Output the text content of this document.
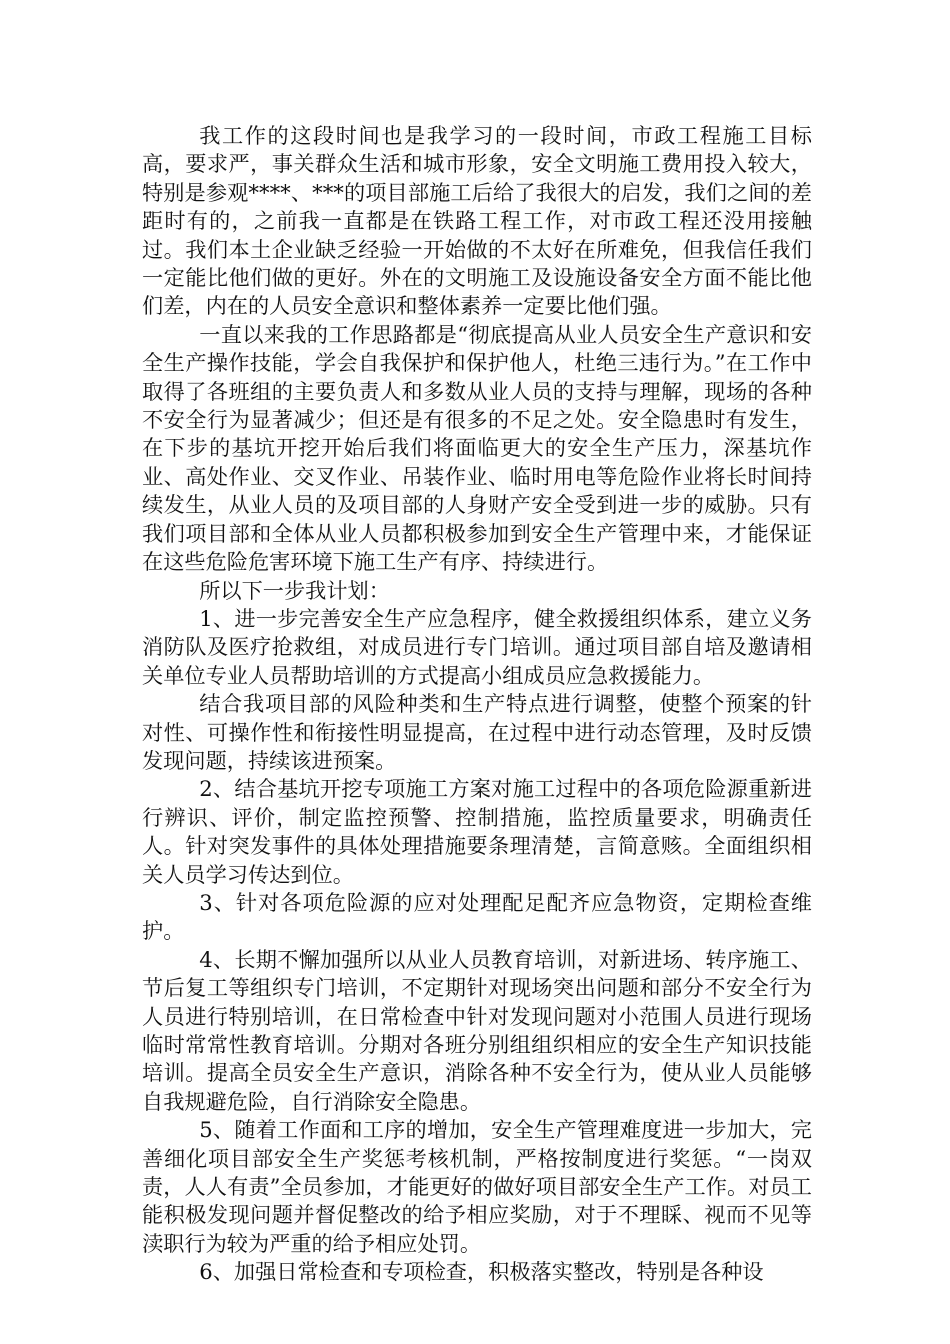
我工作的这段时间也是我学习的一段时间，市政工程施工目标高，要求严，事关群众生活和城市形象，安全文明施工费用投入较大，特别是参观****、***的项目部施工后给了我很大的启发，我们之间的差距时有的，之前我一直都是在铁路工程工作，对市政工程还没用接触过。我们本土企业缺乏经验一开始做的不太好在所难免，但我信任我们一定能比他们做的更好。外在的文明施工及设施设备安全方面不能比他们差，内在的人员安全意识和整体素养一定要比他们强。

一直以来我的工作思路都是“彻底提高从业人员安全生产意识和安全生产操作技能，学会自我保护和保护他人，杜绝三违行为。”在工作中取得了各班组的主要负责人和多数从业人员的支持与理解，现场的各种不安全行为显著减少；但还是有很多的不足之处。安全隐患时有发生，在下步的基坑开挖开始后我们将面临更大的安全生产压力，深基坑作业、高处作业、交叉作业、吊装作业、临时用电等危险作业将长时间持续发生，从业人员的及项目部的人身财产安全受到进一步的威胁。只有我们项目部和全体从业人员都积极参加到安全生产管理中来，才能保证在这些危险危害环境下施工生产有序、持续进行。

所以下一步我计划：

1、进一步完善安全生产应急程序，健全救援组织体系，建立义务消防队及医疗抢救组，对成员进行专门培训。通过项目部自培及邀请相关单位专业人员帮助培训的方式提高小组成员应急救援能力。

结合我项目部的风险种类和生产特点进行调整，使整个预案的针对性、可操作性和衔接性明显提高，在过程中进行动态管理，及时反馈发现问题，持续该进预案。

2、结合基坑开挖专项施工方案对施工过程中的各项危险源重新进行辨识、评价，制定监控预警、控制措施，监控质量要求，明确责任人。针对突发事件的具体处理措施要条理清楚，言简意赅。全面组织相关人员学习传达到位。

3、针对各项危险源的应对处理配足配齐应急物资，定期检查维护。

4、长期不懈加强所以从业人员教育培训，对新进场、转序施工、节后复工等组织专门培训，不定期针对现场突出问题和部分不安全行为人员进行特别培训，在日常检查中针对发现问题对小范围人员进行现场临时常常性教育培训。分期对各班分别组组织相应的安全生产知识技能培训。提高全员安全生产意识，消除各种不安全行为，使从业人员能够自我规避危险，自行消除安全隐患。

5、随着工作面和工序的增加，安全生产管理难度进一步加大，完善细化项目部安全生产奖惩考核机制，严格按制度进行奖惩。“一岗双责，人人有责”全员参加，才能更好的做好项目部安全生产工作。对员工能积极发现问题并督促整改的给予相应奖励，对于不理睬、视而不见等渎职行为较为严重的给予相应处罚。

6、加强日常检查和专项检查，积极落实整改，特别是各种设
